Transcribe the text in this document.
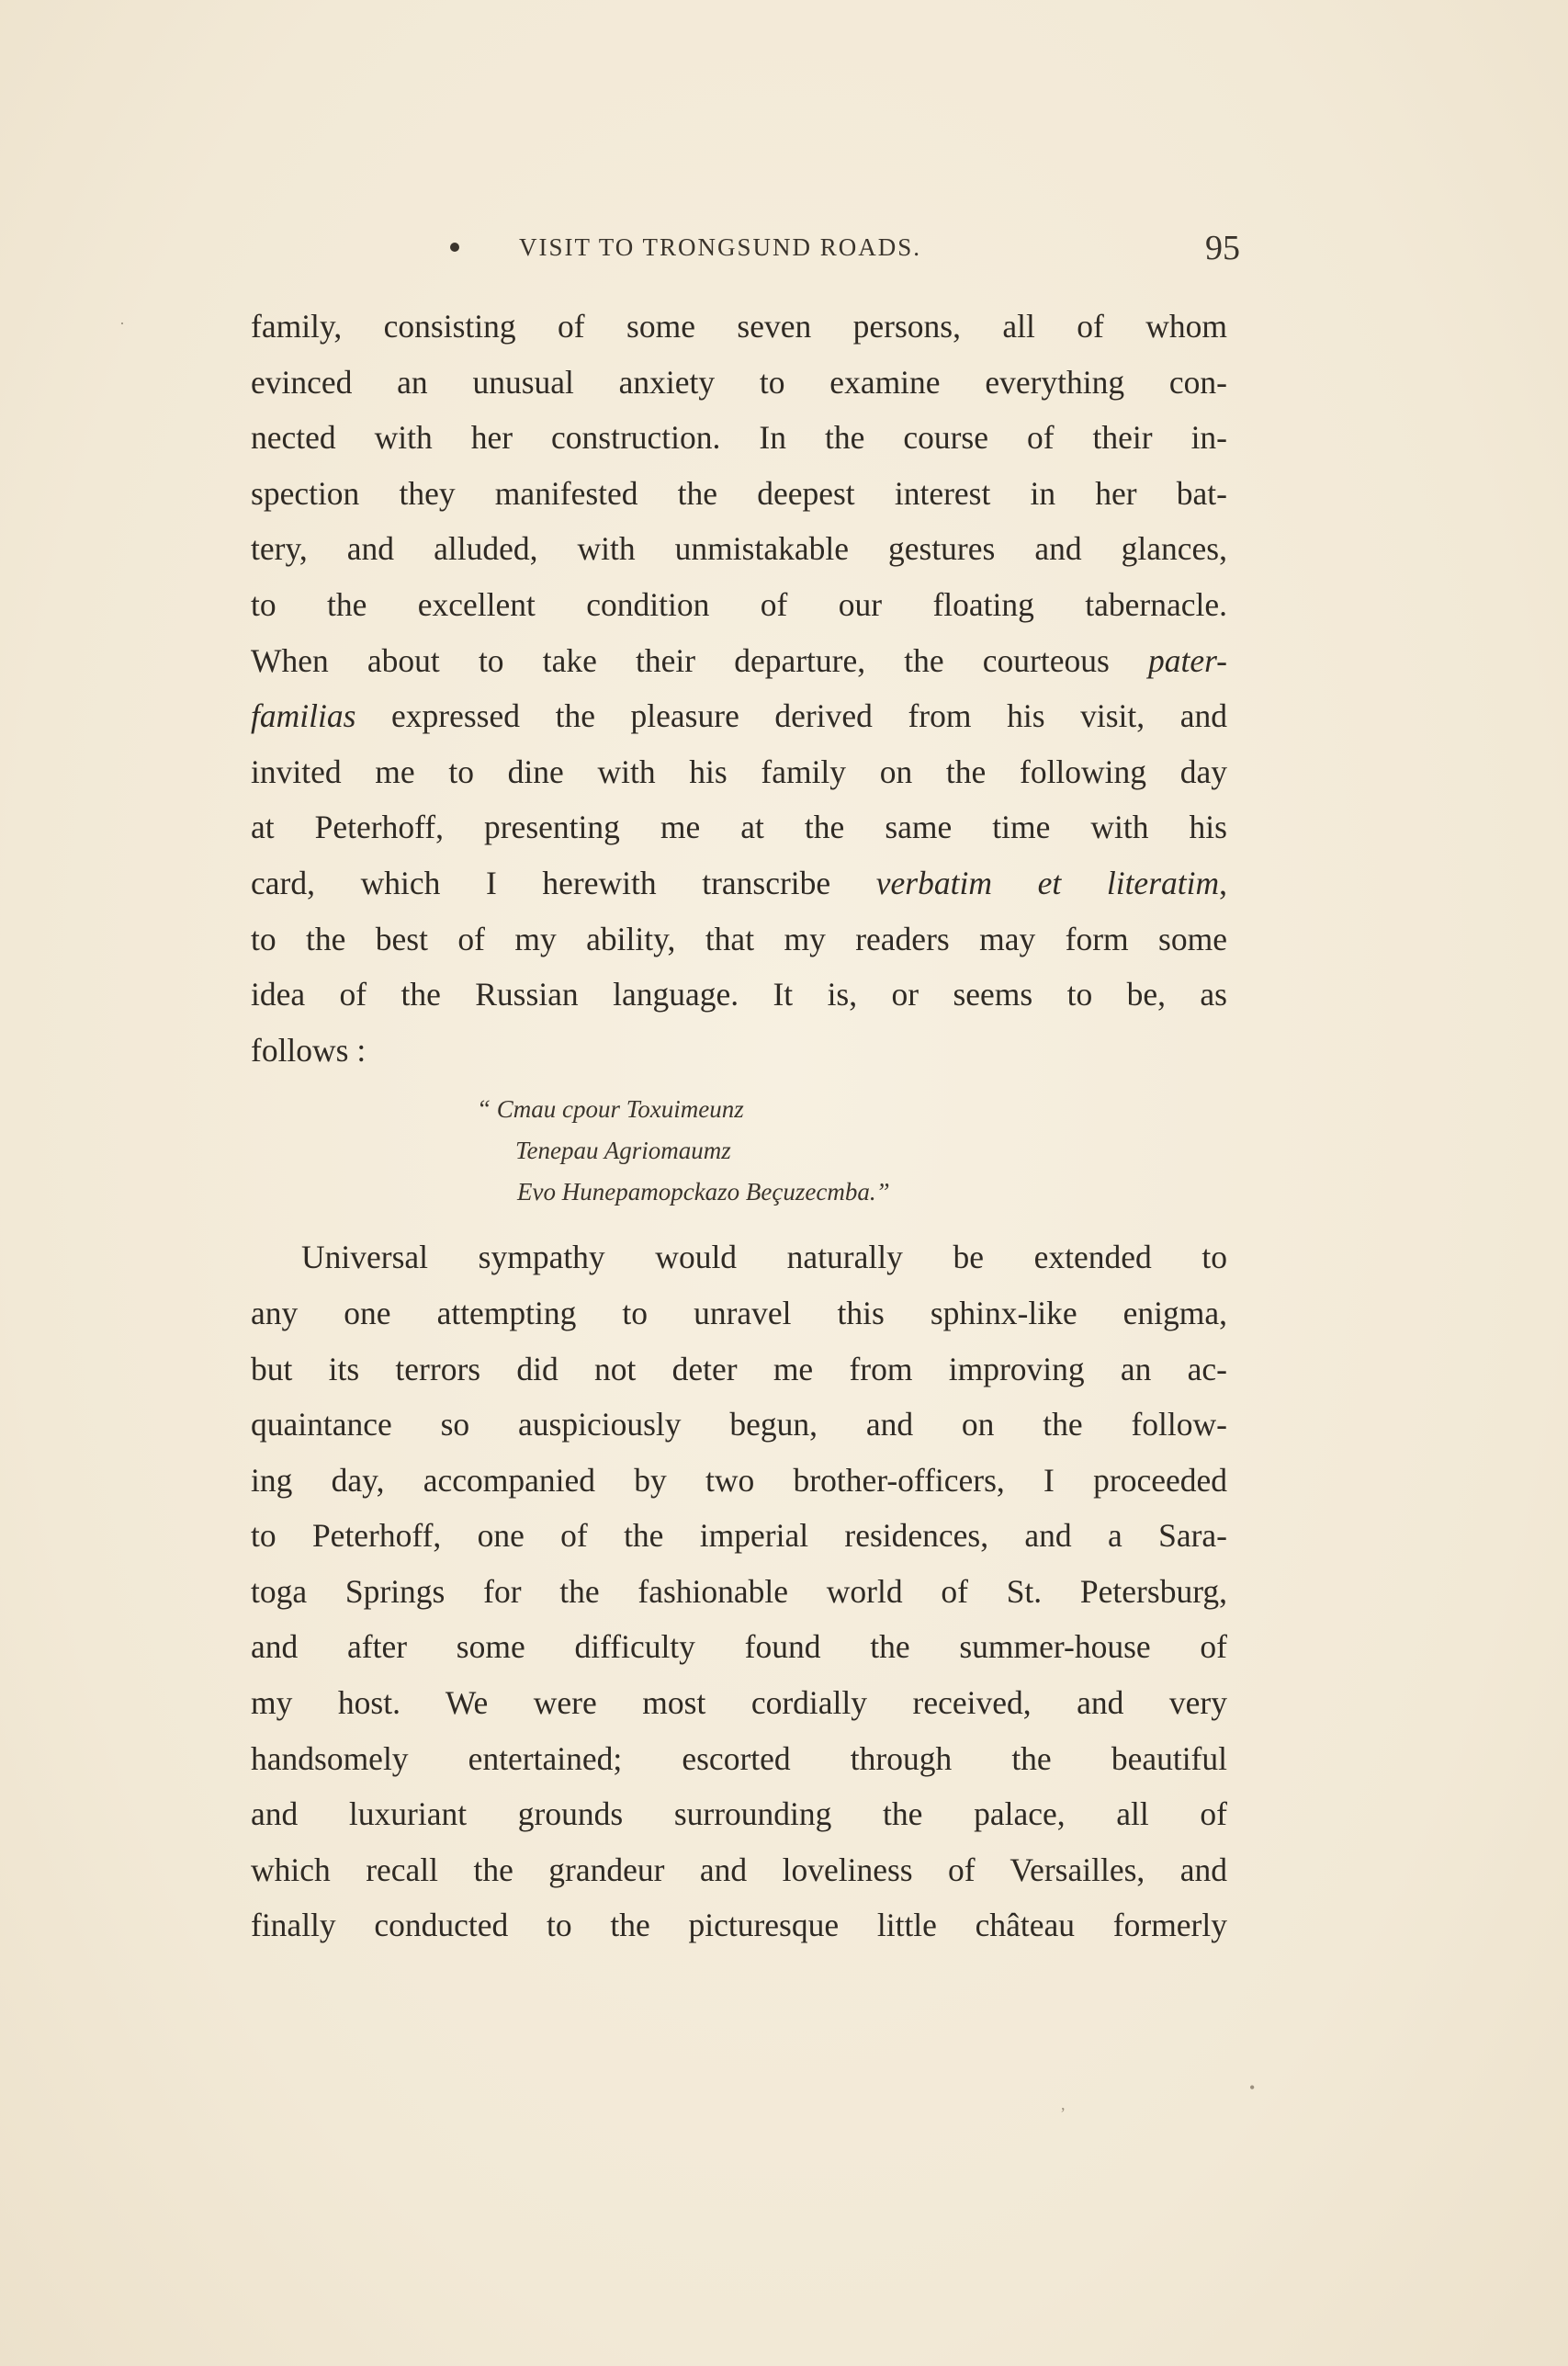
VISIT TO TRONGSUND ROADS.	95
family, consisting of some seven persons, all of whom
evinced an unusual anxiety to examine everything con-
nected with her construction. In the course of their in-
spection they manifested the deepest interest in her bat-
tery, and alluded, with unmistakable gestures and glances,
to the excellent condition of our floating tabernacle.
When about to take their departure, the courteous pater-
familias expressed the pleasure derived from his visit, and
invited me to dine with his family on the following day
at Peterhoff, presenting me at the same time with his
card, which I herewith transcribe verbatim et literatim,
to the best of my ability, that my readers may form some
idea of the Russian language. It is, or seems to be, as
follows :
“ Cmau cpour Toxuimeunz
Tenepau Agriomaumz
Evo Hunepamopckazo Beçuzecmba.”
Universal sympathy would naturally be extended to
any one attempting to unravel this sphinx-like enigma,
but its terrors did not deter me from improving an ac-
quaintance so auspiciously begun, and on the follow-
ing day, accompanied by two brother-officers, I proceeded
to Peterhoff, one of the imperial residences, and a Sara-
toga Springs for the fashionable world of St. Petersburg,
and after some difficulty found the summer-house of
my host. We were most cordially received, and very
handsomely entertained; escorted through the beautiful
and luxuriant grounds surrounding the palace, all of
which recall the grandeur and loveliness of Versailles, and
finally conducted to the picturesque little château formerly
·
•
,
